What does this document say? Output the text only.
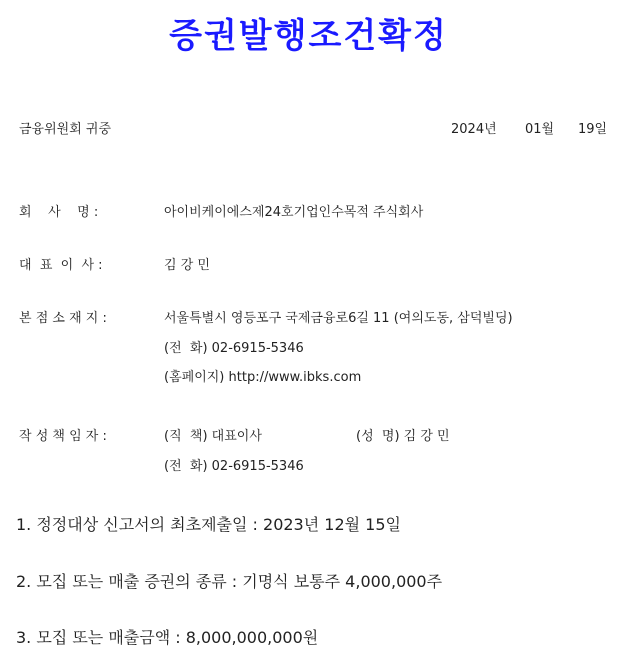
증권발행조건확정
금융위원회 귀중	2024년 01월 19일
회    사    명 :	아이비케이에스제24호기업인수목적 주식회사
대  표  이  사 :	김 강 민
본 점 소 재 지 :	서울특별시 영등포구 국제금융로6길 11 (여의도동, 삼덕빌딩)
(전  화) 02-6915-5346
(홈페이지) http://www.ibks.com
작 성 책 임 자 :	(직  책) 대표이사	(성  명) 김 강 민
(전  화) 02-6915-5346
1. 정정대상 신고서의 최초제출일 : 2023년 12월 15일
2. 모집 또는 매출 증권의 종류 : 기명식 보통주 4,000,000주
3. 모집 또는 매출금액 : 8,000,000,000원
